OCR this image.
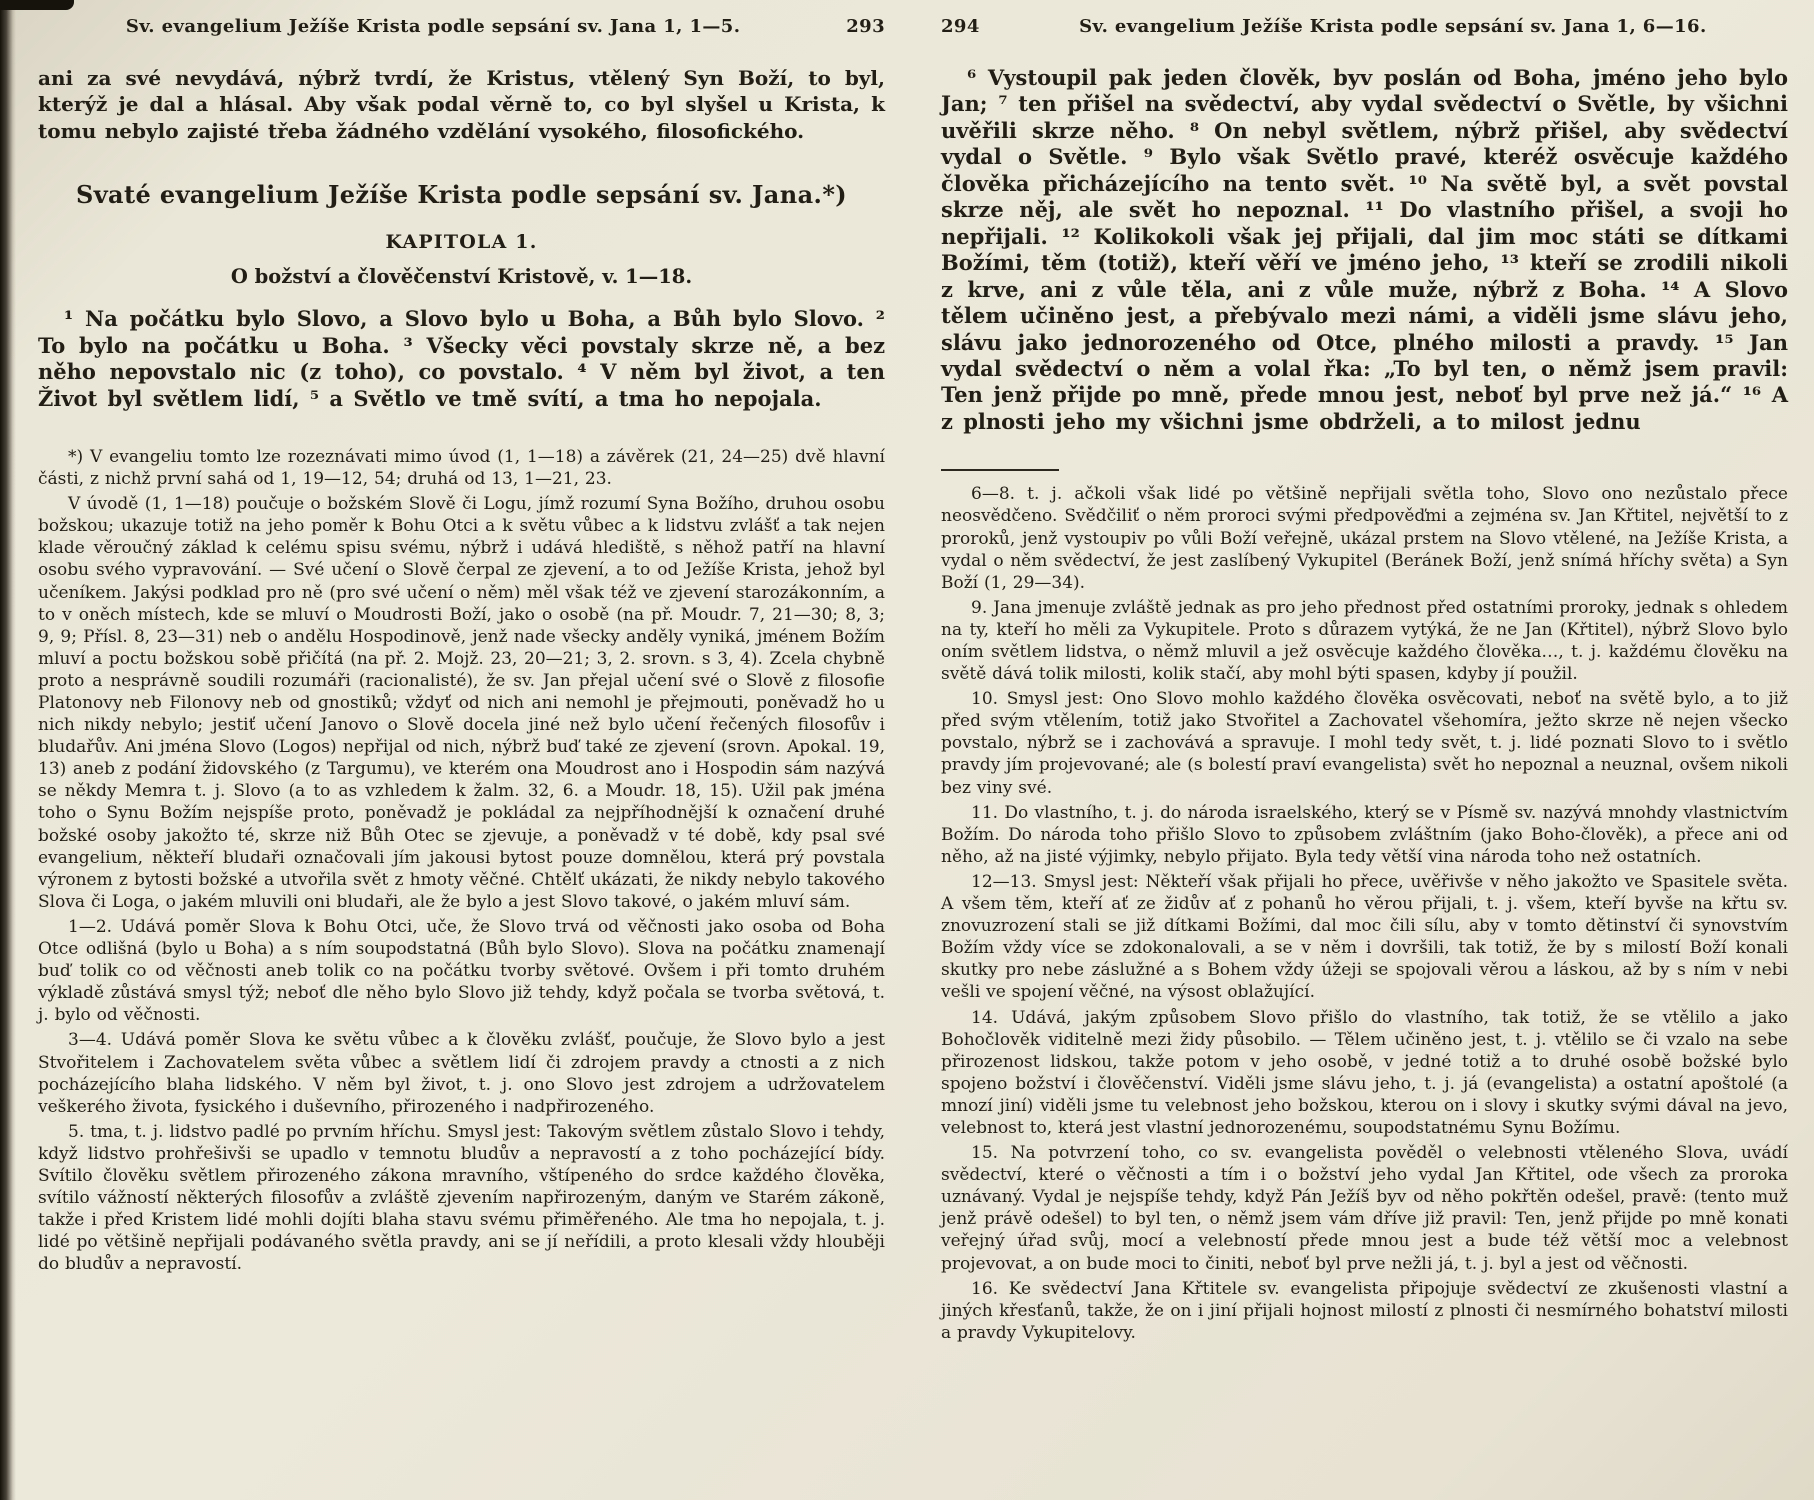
Sv. evangelium Ježíše Krista podle sepsání sv. Jana 1, 1—5.	293

ani za své nevydává, nýbrž tvrdí, že Kristus, vtělený Syn Boží, to byl, kterýž je dal a hlásal. Aby však podal věrně to, co byl slyšel u Krista, k tomu nebylo zajisté třeba žádného vzdělání vysokého, filosofického.

Svaté evangelium Ježíše Krista podle sepsání sv. Jana.*)
KAPITOLA 1.
O božství a člověčenství Kristově, v. 1—18.

¹ Na počátku bylo Slovo, a Slovo bylo u Boha, a Bůh bylo Slovo. ² To bylo na počátku u Boha. ³ Všecky věci povstaly skrze ně, a bez něho nepovstalo nic (z toho), co povstalo. ⁴ V něm byl život, a ten Život byl světlem lidí, ⁵ a Světlo ve tmě svítí, a tma ho nepojala.

*) V evangeliu tomto lze rozeznávati mimo úvod (1, 1—18) a závěrek (21, 24—25) dvě hlavní části, z nichž první sahá od 1, 19—12, 54; druhá od 13, 1—21, 23.

V úvodě (1, 1—18) poučuje o božském Slově či Logu, jímž rozumí Syna Božího, druhou osobu božskou; ukazuje totiž na jeho poměr k Bohu Otci a k světu vůbec a k lidstvu zvlášť a tak nejen klade věroučný základ k celému spisu svému, nýbrž i udává hlediště, s něhož patří na hlavní osobu svého vypravování. — Své učení o Slově čerpal ze zjevení, a to od Ježíše Krista, jehož byl učeníkem. Jakýsi podklad pro ně (pro své učení o něm) měl však též ve zjevení starozákonním, a to v oněch místech, kde se mluví o Moudrosti Boží, jako o osobě (na př. Moudr. 7, 21—30; 8, 3; 9, 9; Přísl. 8, 23—31) neb o andělu Hospodinově, jenž nade všecky anděly vyniká, jménem Božím mluví a poctu božskou sobě přičítá (na př. 2. Mojž. 23, 20—21; 3, 2. srovn. s 3, 4). Zcela chybně proto a nesprávně soudili rozumáři (racionalisté), že sv. Jan přejal učení své o Slově z filosofie Platonovy neb Filonovy neb od gnostiků; vždyť od nich ani nemohl je přejmouti, poněvadž ho u nich nikdy nebylo; jestiť učení Janovo o Slově docela jiné než bylo učení řečených filosofův i bludařův. Ani jména Slovo (Logos) nepřijal od nich, nýbrž buď také ze zjevení (srovn. Apokal. 19, 13) aneb z podání židovského (z Targumu), ve kterém ona Moudrost ano i Hospodin sám nazývá se někdy Memra t. j. Slovo (a to as vzhledem k žalm. 32, 6. a Moudr. 18, 15). Užil pak jména toho o Synu Božím nejspíše proto, poněvadž je pokládal za nejpříhodnější k označení druhé božské osoby jakožto té, skrze niž Bůh Otec se zjevuje, a poněvadž v té době, kdy psal své evangelium, někteří bludaři označovali jím jakousi bytost pouze domnělou, která prý povstala výronem z bytosti božské a utvořila svět z hmoty věčné. Chtělť ukázati, že nikdy nebylo takového Slova či Loga, o jakém mluvili oni bludaři, ale že bylo a jest Slovo takové, o jakém mluví sám.

1—2. Udává poměr Slova k Bohu Otci, uče, že Slovo trvá od věčnosti jako osoba od Boha Otce odlišná (bylo u Boha) a s ním soupodstatná (Bůh bylo Slovo). Slova na počátku znamenají buď tolik co od věčnosti aneb tolik co na počátku tvorby světové. Ovšem i při tomto druhém výkladě zůstává smysl týž; neboť dle něho bylo Slovo již tehdy, když počala se tvorba světová, t. j. bylo od věčnosti.

3—4. Udává poměr Slova ke světu vůbec a k člověku zvlášť, poučuje, že Slovo bylo a jest Stvořitelem i Zachovatelem světa vůbec a světlem lidí či zdrojem pravdy a ctnosti a z nich pocházejícího blaha lidského. V něm byl život, t. j. ono Slovo jest zdrojem a udržovatelem veškerého života, fysického i duševního, přirozeného i nadpřirozeného.

5. tma, t. j. lidstvo padlé po prvním hříchu. Smysl jest: Takovým světlem zůstalo Slovo i tehdy, když lidstvo prohřešivši se upadlo v temnotu bludův a nepravostí a z toho pocházející bídy. Svítilo člověku světlem přirozeného zákona mravního, vštípeného do srdce každého člověka, svítilo vážností některých filosofův a zvláště zjevením napřirozeným, daným ve Starém zákoně, takže i před Kristem lidé mohli dojíti blaha stavu svému přiměřeného. Ale tma ho nepojala, t. j. lidé po většině nepřijali podávaného světla pravdy, ani se jí neřídili, a proto klesali vždy hlouběji do bludův a nepravostí.

294	Sv. evangelium Ježíše Krista podle sepsání sv. Jana 1, 6—16.

⁶ Vystoupil pak jeden člověk, byv poslán od Boha, jméno jeho bylo Jan; ⁷ ten přišel na svědectví, aby vydal svědectví o Světle, by všichni uvěřili skrze něho. ⁸ On nebyl světlem, nýbrž přišel, aby svědectví vydal o Světle. ⁹ Bylo však Světlo pravé, kteréž osvěcuje každého člověka přicházejícího na tento svět. ¹⁰ Na světě byl, a svět povstal skrze něj, ale svět ho nepoznal. ¹¹ Do vlastního přišel, a svoji ho nepřijali. ¹² Kolikokoli však jej přijali, dal jim moc státi se dítkami Božími, těm (totiž), kteří věří ve jméno jeho, ¹³ kteří se zrodili nikoli z krve, ani z vůle těla, ani z vůle muže, nýbrž z Boha. ¹⁴ A Slovo tělem učiněno jest, a přebývalo mezi námi, a viděli jsme slávu jeho, slávu jako jednorozeného od Otce, plného milosti a pravdy. ¹⁵ Jan vydal svědectví o něm a volal řka: „To byl ten, o němž jsem pravil: Ten jenž přijde po mně, přede mnou jest, neboť byl prve než já.“ ¹⁶ A z plnosti jeho my všichni jsme obdrželi, a to milost jednu

6—8. t. j. ačkoli však lidé po většině nepřijali světla toho, Slovo ono nezůstalo přece neosvědčeno. Svědčiliť o něm proroci svými předpověďmi a zejména sv. Jan Křtitel, největší to z proroků, jenž vystoupiv po vůli Boží veřejně, ukázal prstem na Slovo vtělené, na Ježíše Krista, a vydal o něm svědectví, že jest zaslíbený Vykupitel (Beránek Boží, jenž snímá hříchy světa) a Syn Boží (1, 29—34).

9. Jana jmenuje zvláště jednak as pro jeho přednost před ostatními proroky, jednak s ohledem na ty, kteří ho měli za Vykupitele. Proto s důrazem vytýká, že ne Jan (Křtitel), nýbrž Slovo bylo oním světlem lidstva, o němž mluvil a jež osvěcuje každého člověka…, t. j. každému člověku na světě dává tolik milosti, kolik stačí, aby mohl býti spasen, kdyby jí použil.

10. Smysl jest: Ono Slovo mohlo každého člověka osvěcovati, neboť na světě bylo, a to již před svým vtělením, totiž jako Stvořitel a Zachovatel všehomíra, ježto skrze ně nejen všecko povstalo, nýbrž se i zachovává a spravuje. I mohl tedy svět, t. j. lidé poznati Slovo to i světlo pravdy jím projevované; ale (s bolestí praví evangelista) svět ho nepoznal a neuznal, ovšem nikoli bez viny své.

11. Do vlastního, t. j. do národa israelského, který se v Písmě sv. nazývá mnohdy vlastnictvím Božím. Do národa toho přišlo Slovo to způsobem zvláštním (jako Boho-člověk), a přece ani od něho, až na jisté výjimky, nebylo přijato. Byla tedy větší vina národa toho než ostatních.

12—13. Smysl jest: Někteří však přijali ho přece, uvěřivše v něho jakožto ve Spasitele světa. A všem těm, kteří ať ze židův ať z pohanů ho věrou přijali, t. j. všem, kteří byvše na křtu sv. znovuzrození stali se již dítkami Božími, dal moc čili sílu, aby v tomto dětinství či synovstvím Božím vždy více se zdokonalovali, a se v něm i dovršili, tak totiž, že by s milostí Boží konali skutky pro nebe záslužné a s Bohem vždy úžeji se spojovali věrou a láskou, až by s ním v nebi vešli ve spojení věčné, na výsost oblažující.

14. Udává, jakým způsobem Slovo přišlo do vlastního, tak totiž, že se vtělilo a jako Bohočlověk viditelně mezi židy působilo. — Tělem učiněno jest, t. j. vtělilo se či vzalo na sebe přirozenost lidskou, takže potom v jeho osobě, v jedné totiž a to druhé osobě božské bylo spojeno božství i člověčenství. Viděli jsme slávu jeho, t. j. já (evangelista) a ostatní apoštolé (a mnozí jiní) viděli jsme tu velebnost jeho božskou, kterou on i slovy i skutky svými dával na jevo, velebnost to, která jest vlastní jednorozenému, soupodstatnému Synu Božímu.

15. Na potvrzení toho, co sv. evangelista pověděl o velebnosti vtěleného Slova, uvádí svědectví, které o věčnosti a tím i o božství jeho vydal Jan Křtitel, ode všech za proroka uznávaný. Vydal je nejspíše tehdy, když Pán Ježíš byv od něho pokřtěn odešel, pravě: (tento muž jenž právě odešel) to byl ten, o němž jsem vám dříve již pravil: Ten, jenž přijde po mně konati veřejný úřad svůj, mocí a velebností přede mnou jest a bude též větší moc a velebnost projevovat, a on bude moci to činiti, neboť byl prve nežli já, t. j. byl a jest od věčnosti.

16. Ke svědectví Jana Křtitele sv. evangelista připojuje svědectví ze zkušenosti vlastní a jiných křesťanů, takže, že on i jiní přijali hojnost milostí z plnosti či nesmírného bohatství milosti a pravdy Vykupitelovy.
